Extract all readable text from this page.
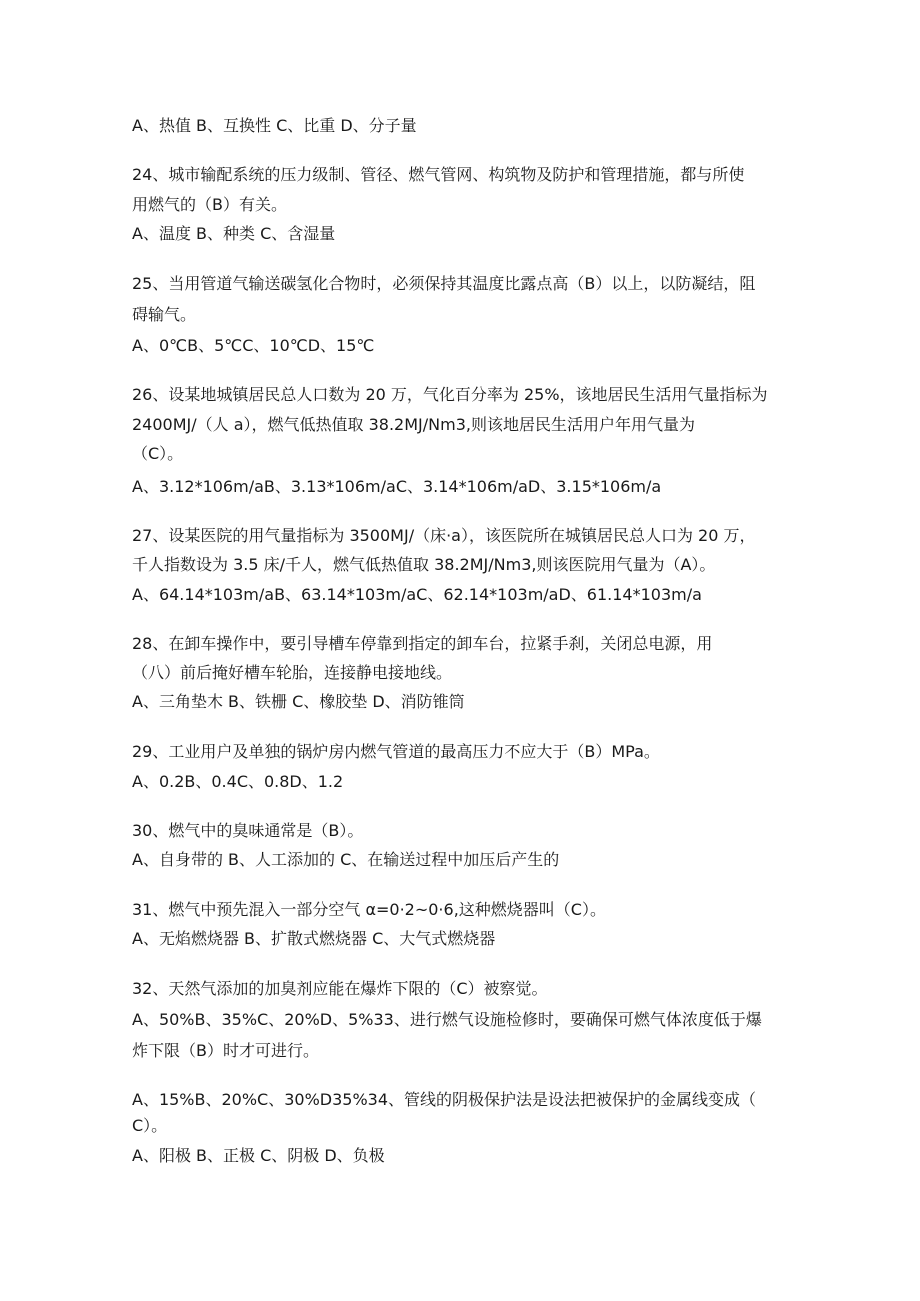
A、热值 B、互换性 C、比重 D、分子量
24、城市输配系统的压力级制、管径、燃气管网、构筑物及防护和管理措施，都与所使
用燃气的（B）有关。
A、温度 B、种类 C、含湿量
25、当用管道气输送碳氢化合物时，必须保持其温度比露点高（B）以上，以防凝结，阻
碍输气。
A、0℃B、5℃C、10℃D、15℃
26、设某地城镇居民总人口数为 20 万，气化百分率为 25%，该地居民生活用气量指标为
2400MJ/（人 a），燃气低热值取 38.2MJ/Nm3,则该地居民生活用户年用气量为
（C）。
A、3.12*106m/aB、3.13*106m/aC、3.14*106m/aD、3.15*106m/a
27、设某医院的用气量指标为 3500MJ/（床·a），该医院所在城镇居民总人口为 20 万，
千人指数设为 3.5 床/千人，燃气低热值取 38.2MJ/Nm3,则该医院用气量为（A）。
A、64.14*103m/aB、63.14*103m/aC、62.14*103m/aD、61.14*103m/a
28、在卸车操作中，要引导槽车停靠到指定的卸车台，拉紧手刹，关闭总电源，用
（八）前后掩好槽车轮胎，连接静电接地线。
A、三角垫木 B、铁栅 C、橡胶垫 D、消防锥筒
29、工业用户及单独的锅炉房内燃气管道的最高压力不应大于（B）MPa。
A、0.2B、0.4C、0.8D、1.2
30、燃气中的臭味通常是（B）。
A、自身带的 B、人工添加的 C、在输送过程中加压后产生的
31、燃气中预先混入一部分空气 α=0·2~0·6,这种燃烧器叫（C）。
A、无焰燃烧器 B、扩散式燃烧器 C、大气式燃烧器
32、天然气添加的加臭剂应能在爆炸下限的（C）被察觉。
A、50%B、35%C、20%D、5%33、进行燃气设施检修时，要确保可燃气体浓度低于爆
炸下限（B）时才可进行。
A、15%B、20%C、30%D35%34、管线的阴极保护法是设法把被保护的金属线变成（
C）。
A、阳极 B、正极 C、阴极 D、负极
